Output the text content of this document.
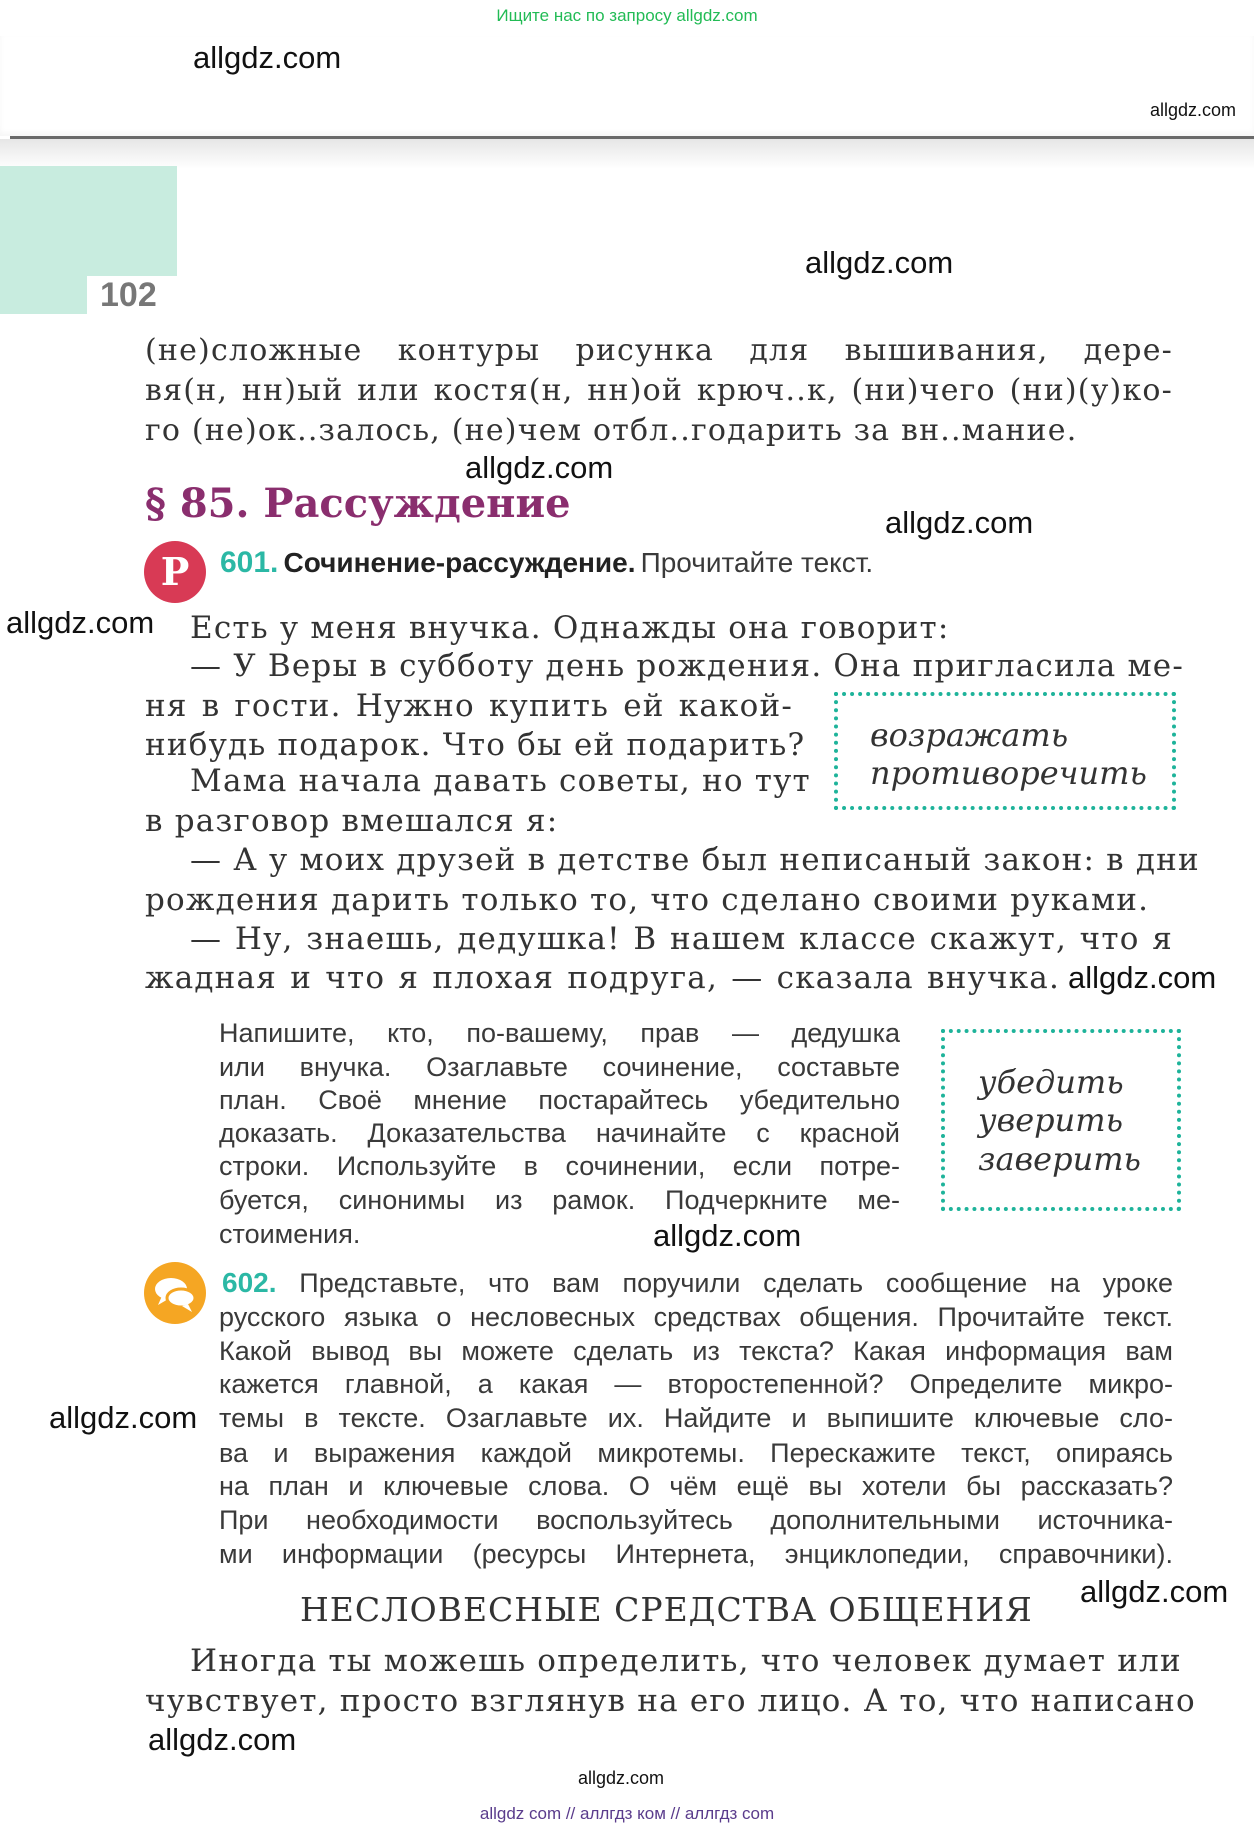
Ищите нас по запросу allgdz.com
allgdz.com
allgdz.com
102
allgdz.com
(не)сложные контуры рисунка для вышивания, дере-
вя(н, нн)ый или костя(н, нн)ой крюч..к, (ни)чего (ни)(у)ко-
го (не)ок..залось, (не)чем отбл..годарить за вн..мание.
allgdz.com
§ 85. Рассуждение	allgdz.com
Р	601. Сочинение-рассуждение. Прочитайте текст.
allgdz.com Есть у меня внучка. Однажды она говорит:
— У Веры в субботу день рождения. Она пригласила ме-
ня в гости. Нужно купить ей какой-
нибудь подарок. Что бы ей подарить?
Мама начала давать советы, но тут
в разговор вмешался я:
— А у моих друзей в детстве был неписаный закон: в дни
рождения дарить только то, что сделано своими руками.
— Ну, знаешь, дедушка! В нашем классе скажут, что я
жадная и что я плохая подруга, — сказала внучка. allgdz.com
возражать
противоречить
Напишите, кто, по-вашему, прав — дедушка
или внучка. Озаглавьте сочинение, составьте
план. Своё мнение постарайтесь убедительно
доказать. Доказательства начинайте с красной
строки. Используйте в сочинении, если потре-
буется, синонимы из рамок. Подчеркните ме-
стоимения.
убедить
уверить
заверить
allgdz.com
602. Представьте, что вам поручили сделать сообщение на уроке
русского языка о несловесных средствах общения. Прочитайте текст.
Какой вывод вы можете сделать из текста? Какая информация вам
кажется главной, а какая — второстепенной? Определите микро-
темы в тексте. Озаглавьте их. Найдите и выпишите ключевые сло-
ва и выражения каждой микротемы. Перескажите текст, опираясь
на план и ключевые слова. О чём ещё вы хотели бы рассказать?
При необходимости воспользуйтесь дополнительными источника-
ми информации (ресурсы Интернета, энциклопедии, справочники).
allgdz.com
allgdz.com
НЕСЛОВЕСНЫЕ СРЕДСТВА ОБЩЕНИЯ
Иногда ты можешь определить, что человек думает или
чувствует, просто взглянув на его лицо. А то, что написано
allgdz.com
allgdz.com
allgdz com // аллгдз ком // аллгдз com
